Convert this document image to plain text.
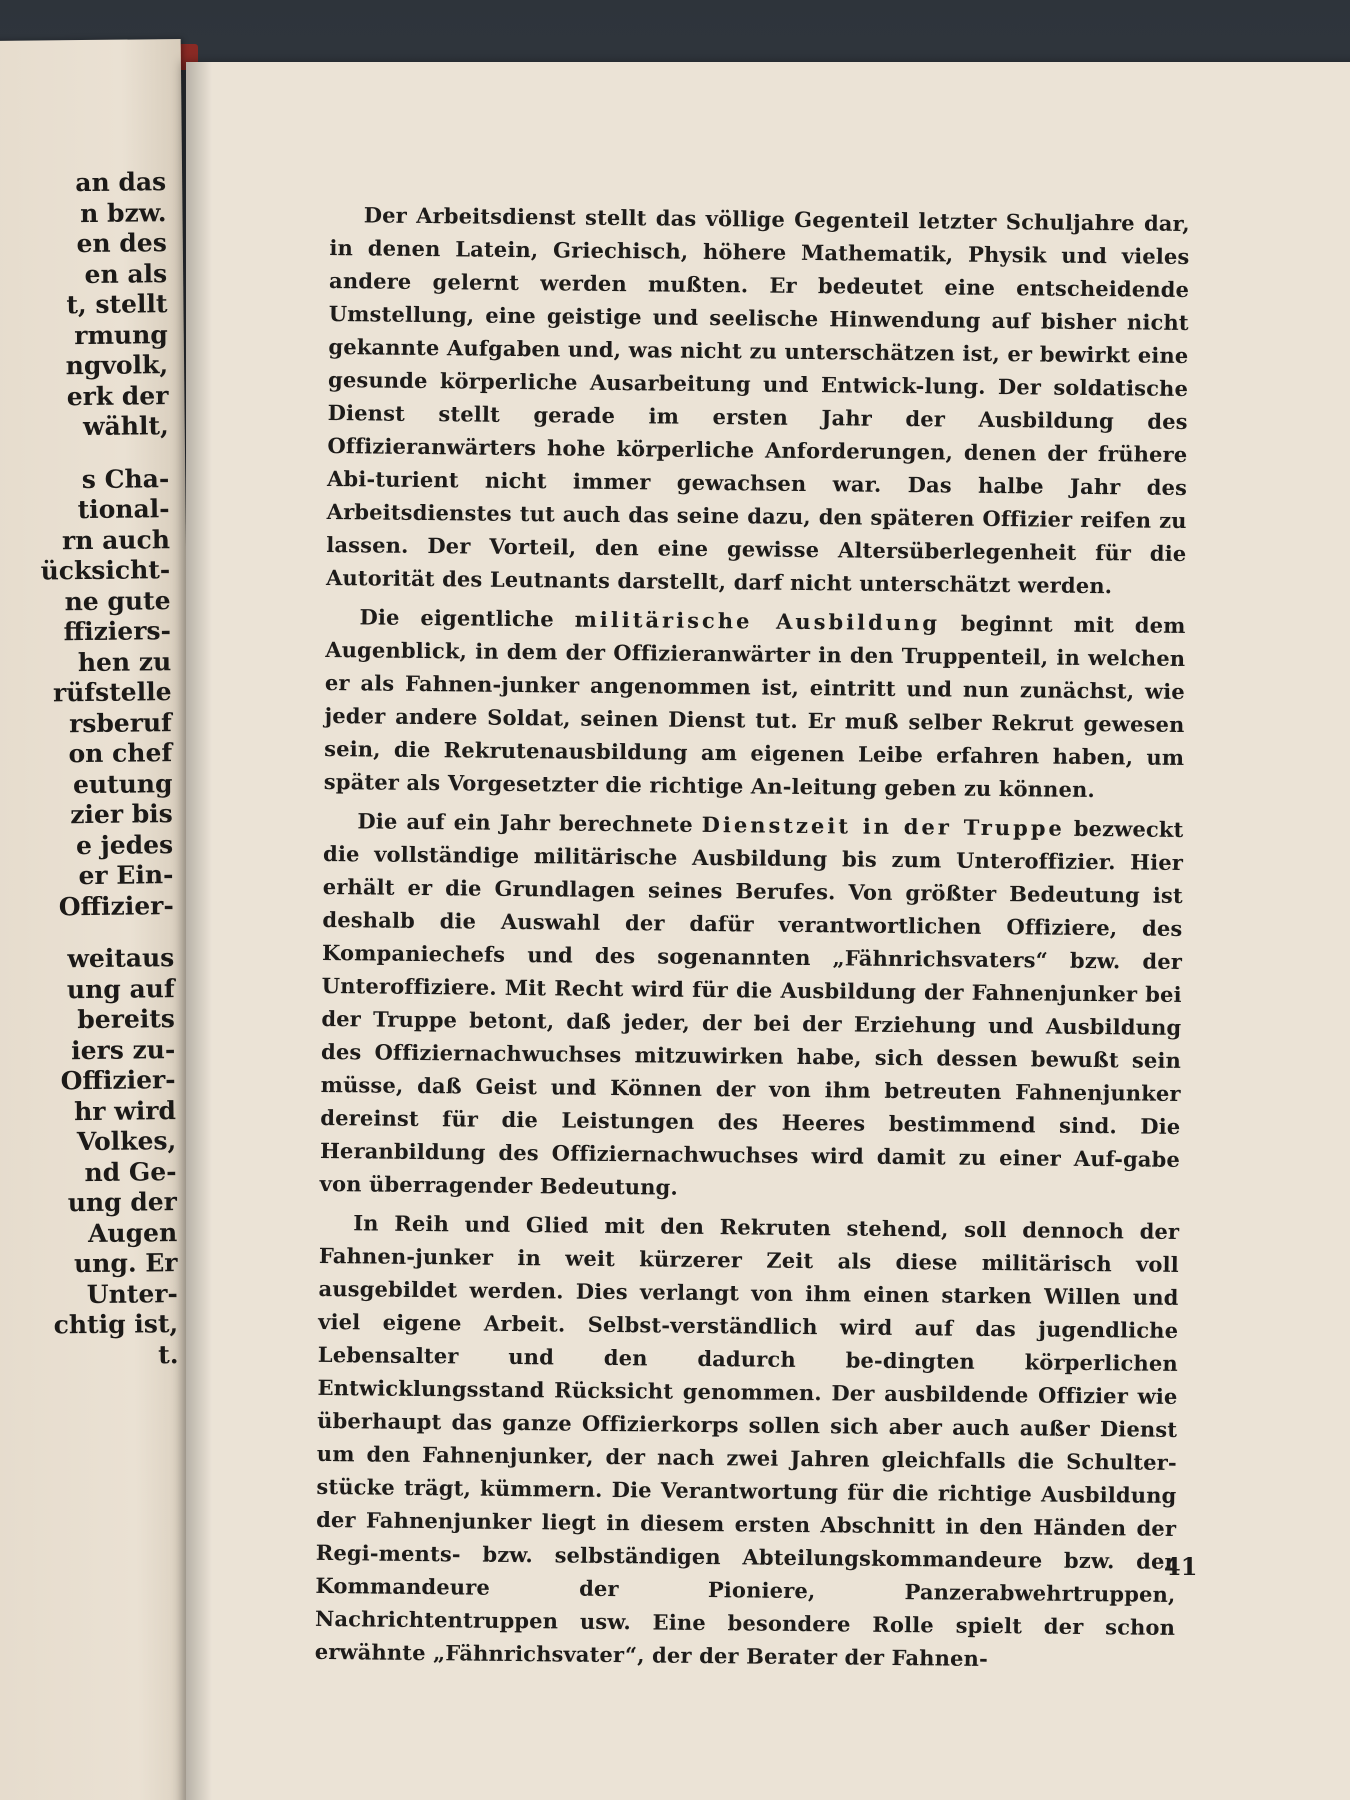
an das
n bzw.
en des
en als
t, stellt
rmung
ngvolk,
erk der
wählt,
s Cha-
tional-
rn auch
ücksicht-
ne gute
ffiziers-
hen zu
rüfstelle
rsberuf
on chef
eutung
zier bis
e jedes
er Ein-
Offizier-
weitaus
ung auf
bereits
iers zu-
Offizier-
hr wird
Volkes,
nd Ge-
ung der
Augen
ung. Er
Unter-
chtig ist,
t.

Der Arbeitsdienst stellt das völlige Gegenteil letzter Schuljahre dar, in denen Latein, Griechisch, höhere Mathematik, Physik und vieles andere gelernt werden mußten. Er bedeutet eine entscheidende Umstellung, eine geistige und seelische Hinwendung auf bisher nicht gekannte Aufgaben und, was nicht zu unterschätzen ist, er bewirkt eine gesunde körperliche Ausarbeitung und Entwick-lung. Der soldatische Dienst stellt gerade im ersten Jahr der Ausbildung des Offizieranwärters hohe körperliche Anforderungen, denen der frühere Abi-turient nicht immer gewachsen war. Das halbe Jahr des Arbeitsdienstes tut auch das seine dazu, den späteren Offizier reifen zu lassen. Der Vorteil, den eine gewisse Altersüberlegenheit für die Autorität des Leutnants darstellt, darf nicht unterschätzt werden.

Die eigentliche militärische Ausbildung beginnt mit dem Augenblick, in dem der Offizieranwärter in den Truppenteil, in welchen er als Fahnen-junker angenommen ist, eintritt und nun zunächst, wie jeder andere Soldat, seinen Dienst tut. Er muß selber Rekrut gewesen sein, die Rekrutenausbildung am eigenen Leibe erfahren haben, um später als Vorgesetzter die richtige An-leitung geben zu können.

Die auf ein Jahr berechnete Dienstzeit in der Truppe bezweckt die vollständige militärische Ausbildung bis zum Unteroffizier. Hier erhält er die Grundlagen seines Berufes. Von größter Bedeutung ist deshalb die Auswahl der dafür verantwortlichen Offiziere, des Kompaniechefs und des sogenannten „Fähnrichsvaters“ bzw. der Unteroffiziere. Mit Recht wird für die Ausbildung der Fahnenjunker bei der Truppe betont, daß jeder, der bei der Erziehung und Ausbildung des Offiziernachwuchses mitzuwirken habe, sich dessen bewußt sein müsse, daß Geist und Können der von ihm betreuten Fahnenjunker dereinst für die Leistungen des Heeres bestimmend sind. Die Heranbildung des Offiziernachwuchses wird damit zu einer Auf-gabe von überragender Bedeutung.

In Reih und Glied mit den Rekruten stehend, soll dennoch der Fahnen-junker in weit kürzerer Zeit als diese militärisch voll ausgebildet werden. Dies verlangt von ihm einen starken Willen und viel eigene Arbeit. Selbst-verständlich wird auf das jugendliche Lebensalter und den dadurch be-dingten körperlichen Entwicklungsstand Rücksicht genommen. Der ausbildende Offizier wie überhaupt das ganze Offizierkorps sollen sich aber auch außer Dienst um den Fahnenjunker, der nach zwei Jahren gleichfalls die Schulter-stücke trägt, kümmern. Die Verantwortung für die richtige Ausbildung der Fahnenjunker liegt in diesem ersten Abschnitt in den Händen der Regi-ments- bzw. selbständigen Abteilungskommandeure bzw. der Kommandeure der Pioniere, Panzerabwehrtruppen, Nachrichtentruppen usw. Eine besondere Rolle spielt der schon erwähnte „Fähnrichsvater“, der der Berater der Fahnen-

41
